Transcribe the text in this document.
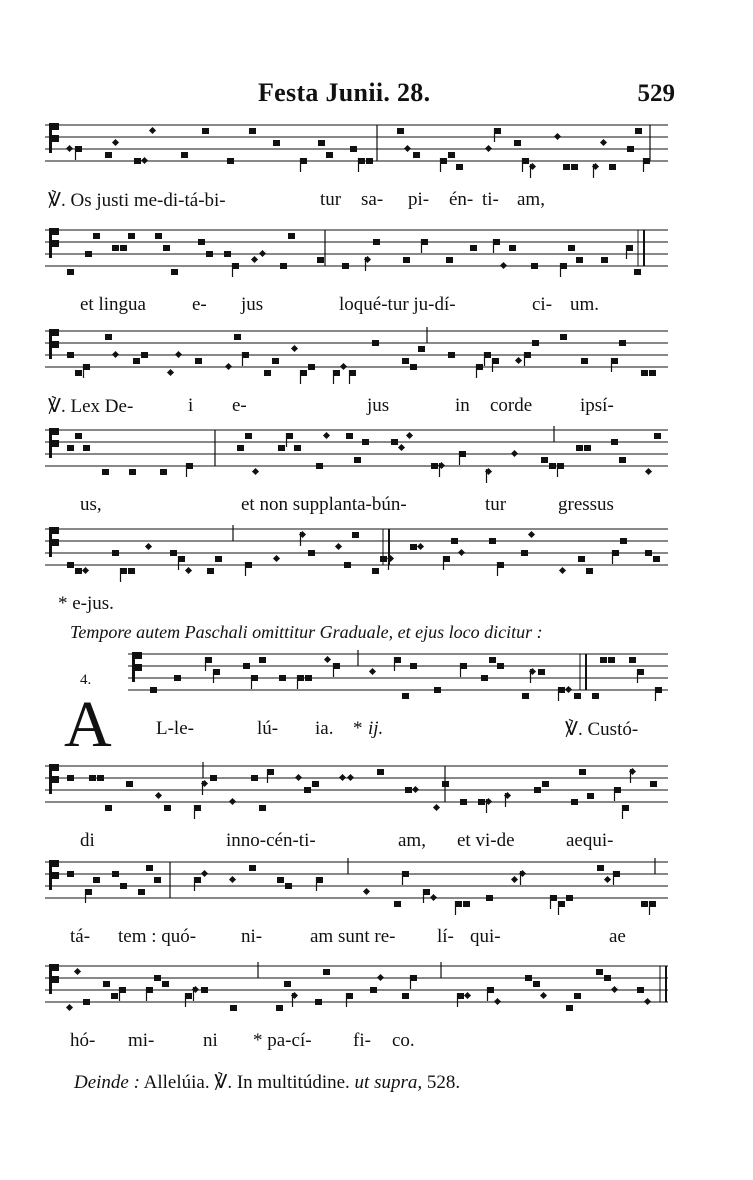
Festa Junii. 28.	529
Tempore autem Paschali omittitur Graduale, et ejus loco dicitur :
4.
A
Deinde : Allelúia. ℣. In multitúdine. ut supra, 528.
℣. Os justi me-di-tá-bi-	tur sa- pi- én- ti- am,
et lingua e- jus	loqué-tur ju-dí-	ci- um.
℣. Lex De-	i e-	jus	in corde	ipsí-
us,	et non supplanta-bún-	tur	gressus
* e-jus.
L-le-	lú- ia. * ij.	℣. Custó-
di	inno-cén-ti-	am, et vi-de	aequi-
tá- tem : quó- ni-	am sunt re- lí- qui-	ae
hó- mi-	ni * pa-cí- fi- co.
